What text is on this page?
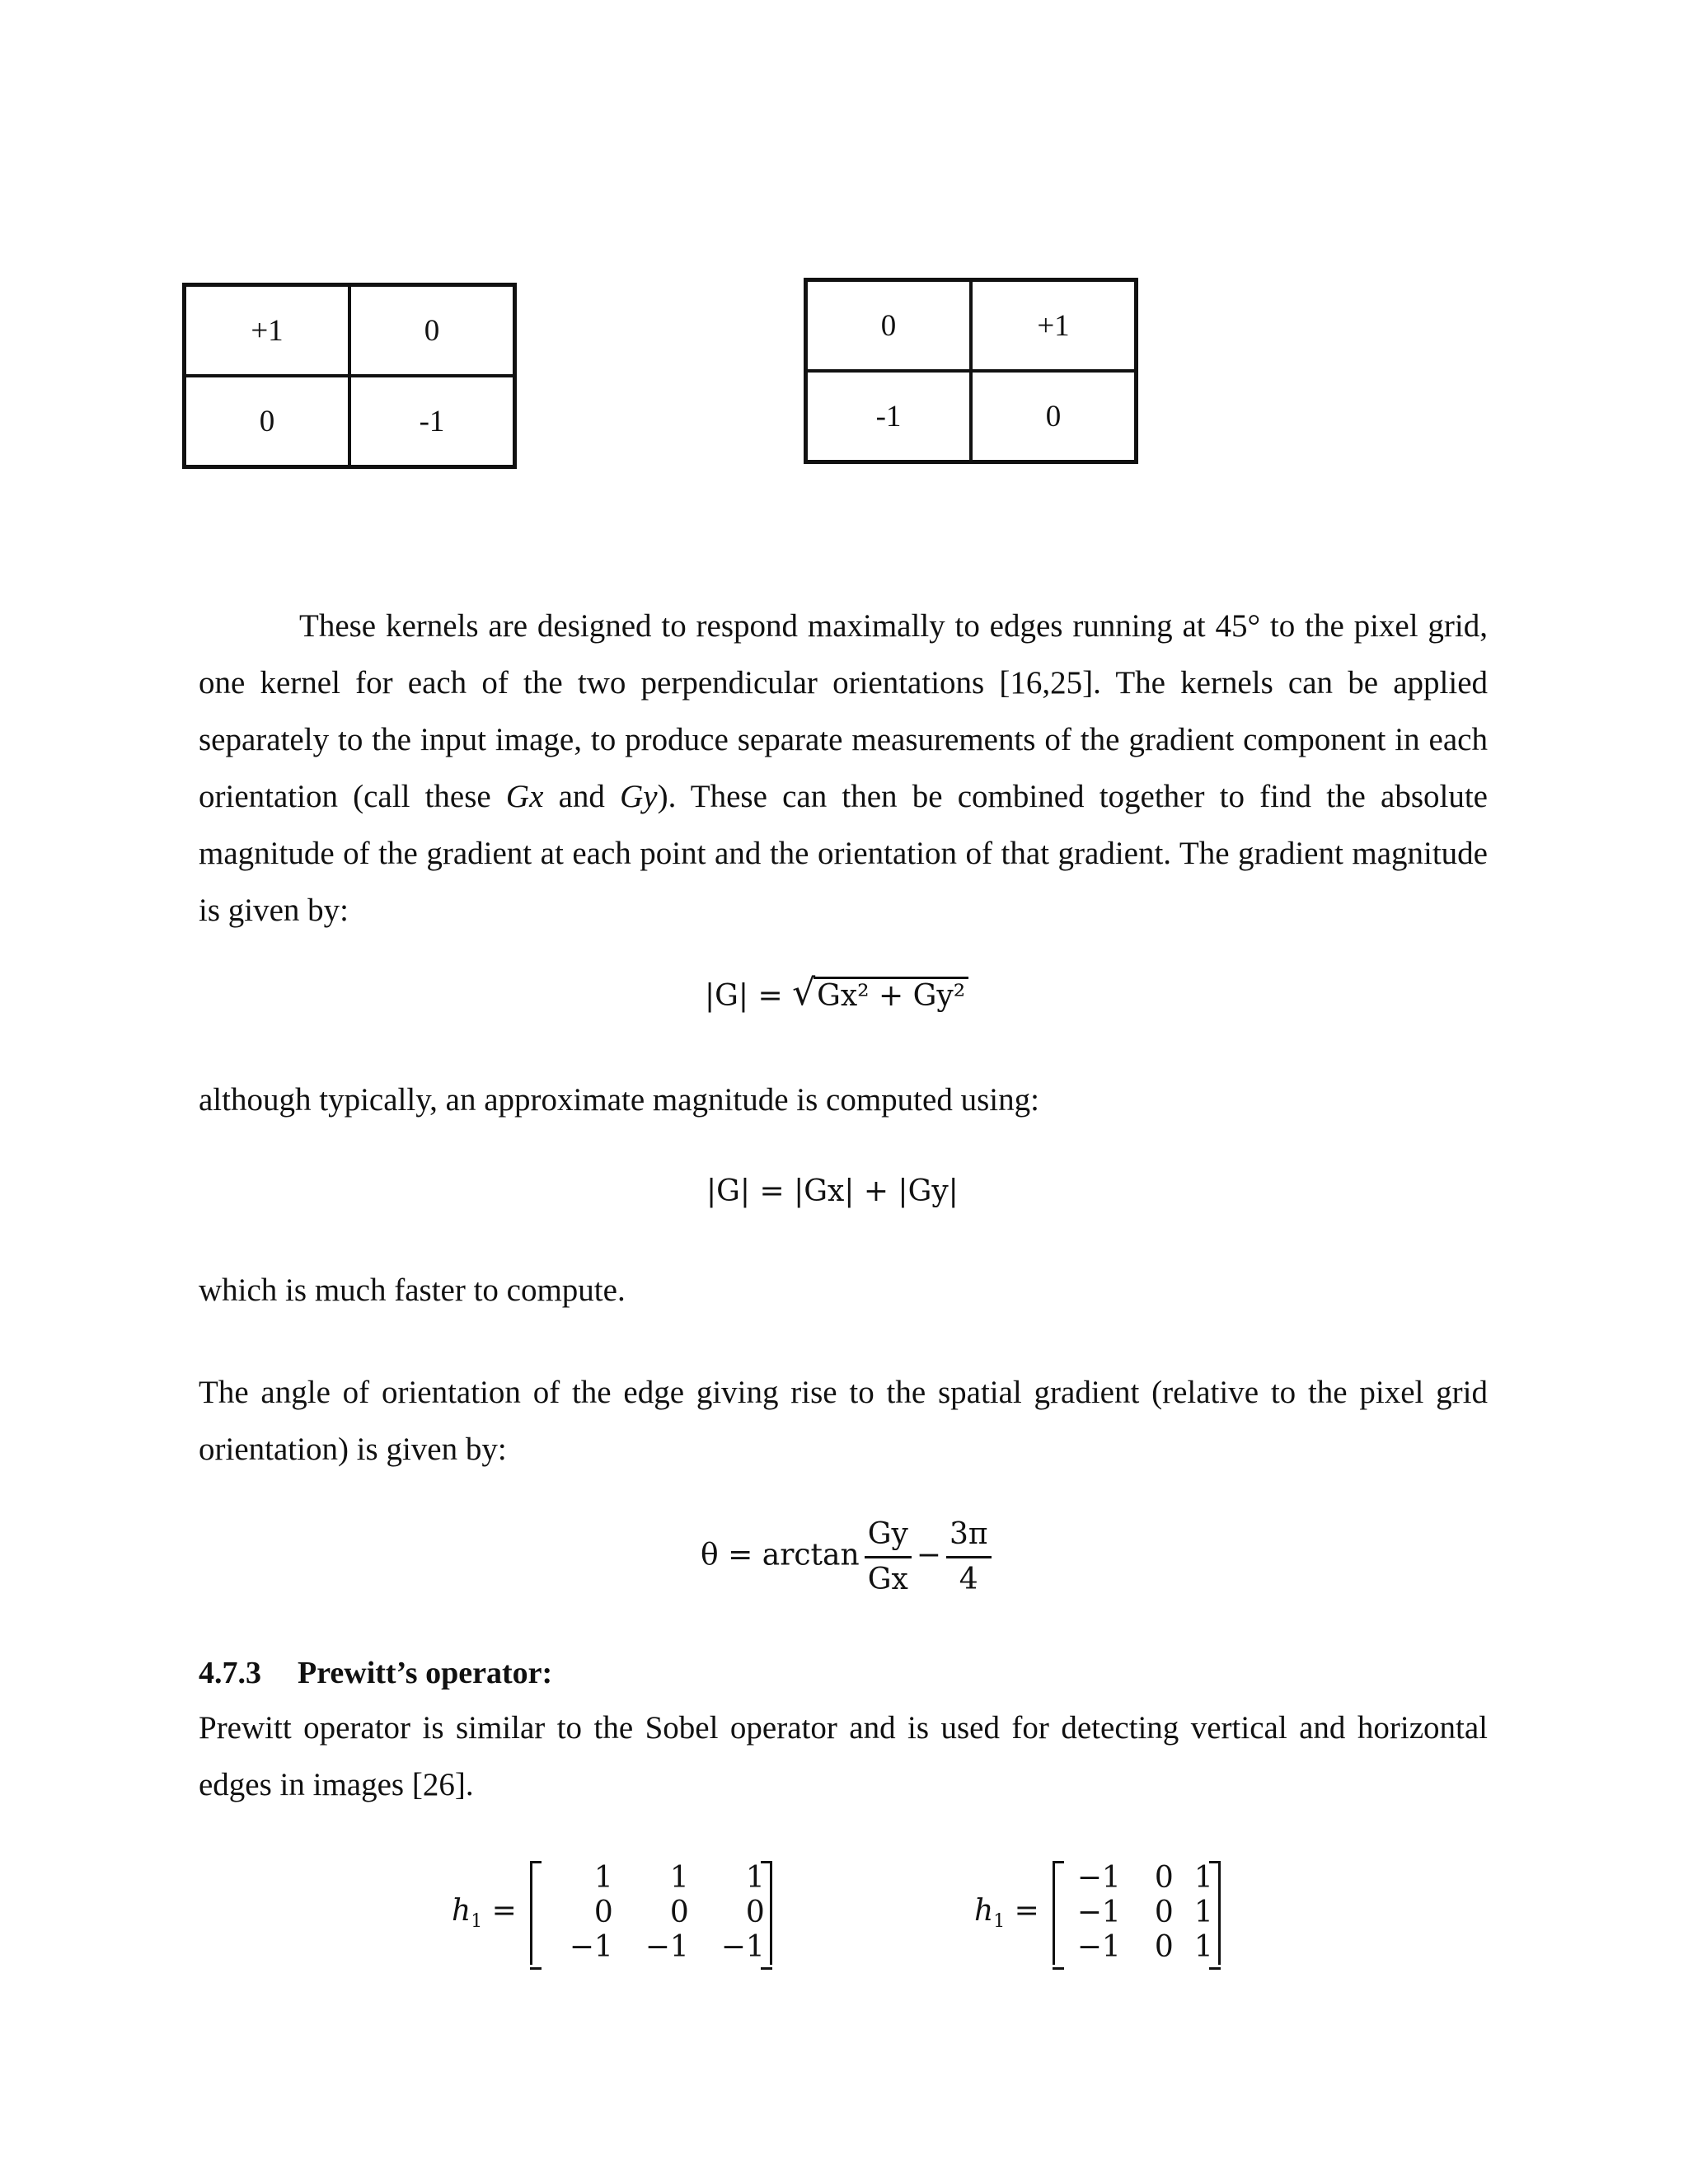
+1	0
0	-1
0	+1
-1	0

These kernels are designed to respond maximally to edges running at 45° to the pixel grid, one kernel for each of the two perpendicular orientations [16,25]. The kernels can be applied separately to the input image, to produce separate measurements of the gradient component in each orientation (call these Gx and Gy). These can then be combined together to find the absolute magnitude of the gradient at each point and the orientation of that gradient. The gradient magnitude is given by:

|G| = √ Gx² + Gy²

although typically, an approximate magnitude is computed using:

|G| = |Gx| + |Gy|

which is much faster to compute.

The angle of orientation of the edge giving rise to the spatial gradient (relative to the pixel grid orientation) is given by:

$\theta = \arctan \frac{Gy}{Gx} - \frac{3\pi}{4}$
4.7.3 Prewitt’s operator:

Prewitt operator is similar to the Sobel operator and is used for detecting vertical and horizontal edges in images [26].

$h_1$ =
1	1	1
0	0	0
−1	−1	−1
$h_1$ =
−1	0 1
−1	0 1
−1	0 1
